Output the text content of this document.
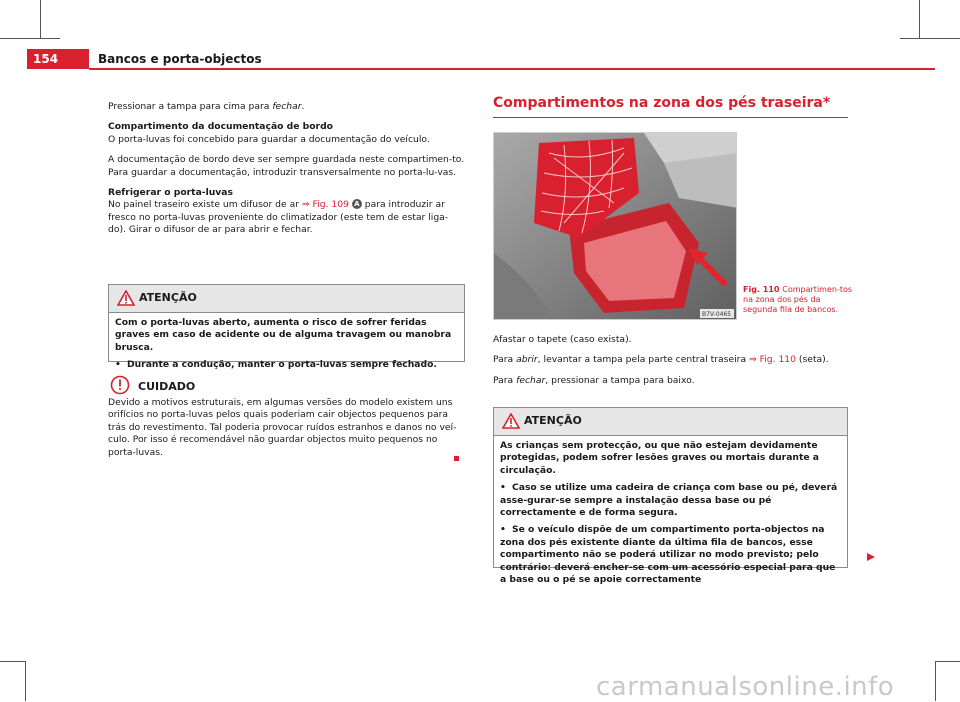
154	Bancos e porta-objectos

Pressionar a tampa para cima para fechar.

Compartimento da documentação de bordo

O porta-luvas foi concebido para guardar a documentação do veículo.

A documentação de bordo deve ser sempre guardada neste compartimen-to. Para guardar a documentação, introduzir transversalmente no porta-lu-vas.

Refrigerar o porta-luvas

No painel traseiro existe um difusor de ar ⇒ Fig. 109 A para introduzir ar fresco no porta-luvas proveniente do climatizador (este tem de estar liga-do). Girar o difusor de ar para abrir e fechar.

ATENÇÃO

Com o porta-luvas aberto, aumenta o risco de sofrer feridas graves em caso de acidente ou de alguma travagem ou manobra brusca.

• Durante a condução, manter o porta-luvas sempre fechado.

CUIDADO
Devido a motivos estruturais, em algumas versões do modelo existem uns orifícios no porta-luvas pelos quais poderiam cair objectos pequenos para trás do revestimento. Tal poderia provocar ruídos estranhos e danos no veí-culo. Por isso é recomendável não guardar objectos muito pequenos no porta-luvas.
Compartimentos na zona dos pés traseira*
B7V-0465
Fig. 110 Compartimen-tos na zona dos pés da segunda fila de bancos.

Afastar o tapete (caso exista).

Para abrir, levantar a tampa pela parte central traseira ⇒ Fig. 110 (seta).

Para fechar, pressionar a tampa para baixo.

ATENÇÃO

As crianças sem protecção, ou que não estejam devidamente protegidas, podem sofrer lesões graves ou mortais durante a circulação.

• Caso se utilize uma cadeira de criança com base ou pé, deverá asse-gurar-se sempre a instalação dessa base ou pé correctamente e de forma segura.

• Se o veículo dispõe de um compartimento porta-objectos na zona dos pés existente diante da última fila de bancos, esse compartimento não se poderá utilizar no modo previsto; pelo contrário: deverá encher-se com um acessório especial para que a base ou o pé se apoie correctamente

carmanualsonline.info
